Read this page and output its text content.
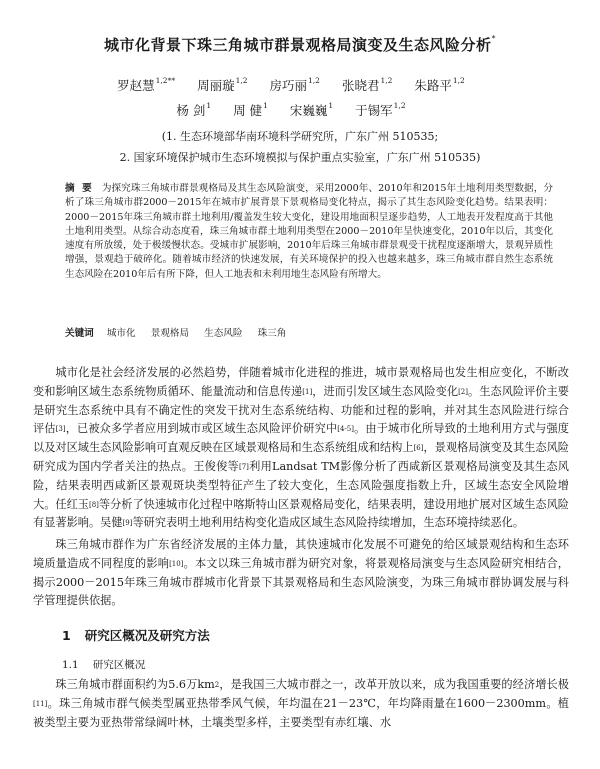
城市化背景下珠三角城市群景观格局演变及生态风险分析*
罗赵慧$^{1,2**}$ 周丽璇$^{1,2}$ 房巧丽$^{1,2}$ 张晓君$^{1,2}$ 朱路平$^{1,2}$
杨 剑$^1$ 周 健$^1$ 宋巍巍$^1$ 于锡军$^{1,2}$
(1. 生态环境部华南环境科学研究所，广东广州 510535;
2. 国家环境保护城市生态环境模拟与保护重点实验室，广东广州 510535)
摘 要 为探究珠三角城市群景观格局及其生态风险演变，采用2000年、2010年和2015年土地利用类型数据，分析了珠三角城市群2000－2015年在城市扩展背景下景观格局变化特点，揭示了其生态风险变化趋势。结果表明：2000－2015年珠三角城市群土地利用/覆盖发生较大变化，建设用地面积呈逐步趋势，人工地表开发程度高于其他土地利用类型。从综合动态度看，珠三角城市群土地利用类型在2000－2010年呈快速变化，2010年以后，其变化速度有所放缓，处于极缓慢状态。受城市扩展影响，2010年后珠三角城市群景观受干扰程度逐渐增大，景观异质性增强，景观趋于破碎化。随着城市经济的快速发展，有关环境保护的投入也越来越多，珠三角城市群自然生态系统生态风险在2010年后有所下降，但人工地表和未利用地生态风险有所增大。
关键词 城市化 景观格局 生态风险 珠三角

城市化是社会经济发展的必然趋势，伴随着城市化进程的推进，城市景观格局也发生相应变化，不断改变和影响区域生态系统物质循环、能量流动和信息传递[1]，进而引发区域生态风险变化[2]。生态风险评价主要是研究生态系统中具有不确定性的突发干扰对生态系统结构、功能和过程的影响，并对其生态风险进行综合评估[3]，已被众多学者应用到城市或区域生态风险评价研究中[4-5]。由于城市化所导致的土地利用方式与强度以及对区域生态风险影响可直观反映在区域景观格局和生态系统组成和结构上[6]，景观格局演变及其生态风险研究成为国内学者关注的热点。王俊俊等[7]利用Landsat TM影像分析了西咸新区景观格局演变及其生态风险，结果表明西咸新区景观斑块类型特征产生了较大变化，生态风险强度指数上升，区域生态安全风险增大。任红玉[8]等分析了快速城市化过程中喀斯特山区景观格局变化，结果表明，建设用地扩展对区域生态风险有显著影响。吴健[9]等研究表明土地利用结构变化造成区域生态风险持续增加，生态环境持续恶化。

珠三角城市群作为广东省经济发展的主体力量，其快速城市化发展不可避免的给区域景观结构和生态环境质量造成不同程度的影响[10]。本文以珠三角城市群为研究对象，将景观格局演变与生态风险研究相结合，揭示2000－2015年珠三角城市群城市化背景下其景观格局和生态风险演变，为珠三角城市群协调发展与科学管理提供依据。

1 研究区概况及研究方法
1.1 研究区概况

珠三角城市群面积约为5.6万$km^2$，是我国三大城市群之一，改革开放以来，成为我国重要的经济增长极[11]。珠三角城市群气候类型属亚热带季风气候，年均温在21－23℃，年均降雨量在1600－2300mm。植被类型主要为亚热带常绿阔叶林，土壤类型多样，主要类型有赤红壤、水
